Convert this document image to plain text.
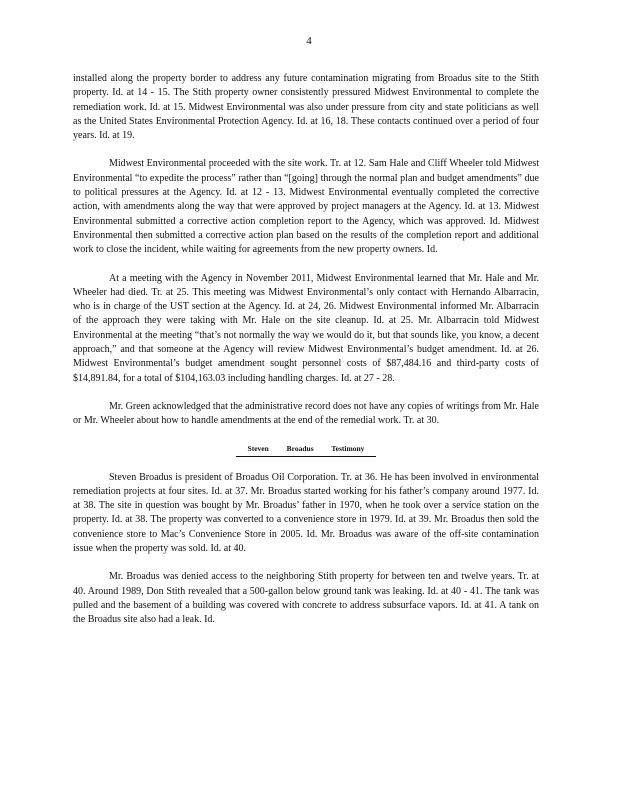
4

installed along the property border to address any future contamination migrating from Broadus site to the Stith property. Id. at 14 - 15. The Stith property owner consistently pressured Midwest Environmental to complete the remediation work. Id. at 15. Midwest Environmental was also under pressure from city and state politicians as well as the United States Environmental Protection Agency. Id. at 16, 18. These contacts continued over a period of four years. Id. at 19.

Midwest Environmental proceeded with the site work. Tr. at 12. Sam Hale and Cliff Wheeler told Midwest Environmental “to expedite the process” rather than “[going] through the normal plan and budget amendments” due to political pressures at the Agency. Id. at 12 - 13. Midwest Environmental eventually completed the corrective action, with amendments along the way that were approved by project managers at the Agency. Id. at 13. Midwest Environmental submitted a corrective action completion report to the Agency, which was approved. Id. Midwest Environmental then submitted a corrective action plan based on the results of the completion report and additional work to close the incident, while waiting for agreements from the new property owners. Id.

At a meeting with the Agency in November 2011, Midwest Environmental learned that Mr. Hale and Mr. Wheeler had died. Tr. at 25. This meeting was Midwest Environmental’s only contact with Hernando Albarracin, who is in charge of the UST section at the Agency. Id. at 24, 26. Midwest Environmental informed Mr. Albarracin of the approach they were taking with Mr. Hale on the site cleanup. Id. at 25. Mr. Albarracin told Midwest Environmental at the meeting “that’s not normally the way we would do it, but that sounds like, you know, a decent approach,” and that someone at the Agency will review Midwest Environmental’s budget amendment. Id. at 26. Midwest Environmental’s budget amendment sought personnel costs of $87,484.16 and third-party costs of $14,891.84, for a total of $104,163.03 including handling charges. Id. at 27 - 28.

Mr. Green acknowledged that the administrative record does not have any copies of writings from Mr. Hale or Mr. Wheeler about how to handle amendments at the end of the remedial work. Tr. at 30.

Steven Broadus Testimony

Steven Broadus is president of Broadus Oil Corporation. Tr. at 36. He has been involved in environmental remediation projects at four sites. Id. at 37. Mr. Broadus started working for his father’s company around 1977. Id. at 38. The site in question was bought by Mr. Broadus’ father in 1970, when he took over a service station on the property. Id. at 38. The property was converted to a convenience store in 1979. Id. at 39. Mr. Broadus then sold the convenience store to Mac’s Convenience Store in 2005. Id. Mr. Broadus was aware of the off-site contamination issue when the property was sold. Id. at 40.

Mr. Broadus was denied access to the neighboring Stith property for between ten and twelve years. Tr. at 40. Around 1989, Don Stith revealed that a 500-gallon below ground tank was leaking. Id. at 40 - 41. The tank was pulled and the basement of a building was covered with concrete to address subsurface vapors. Id. at 41. A tank on the Broadus site also had a leak. Id.
